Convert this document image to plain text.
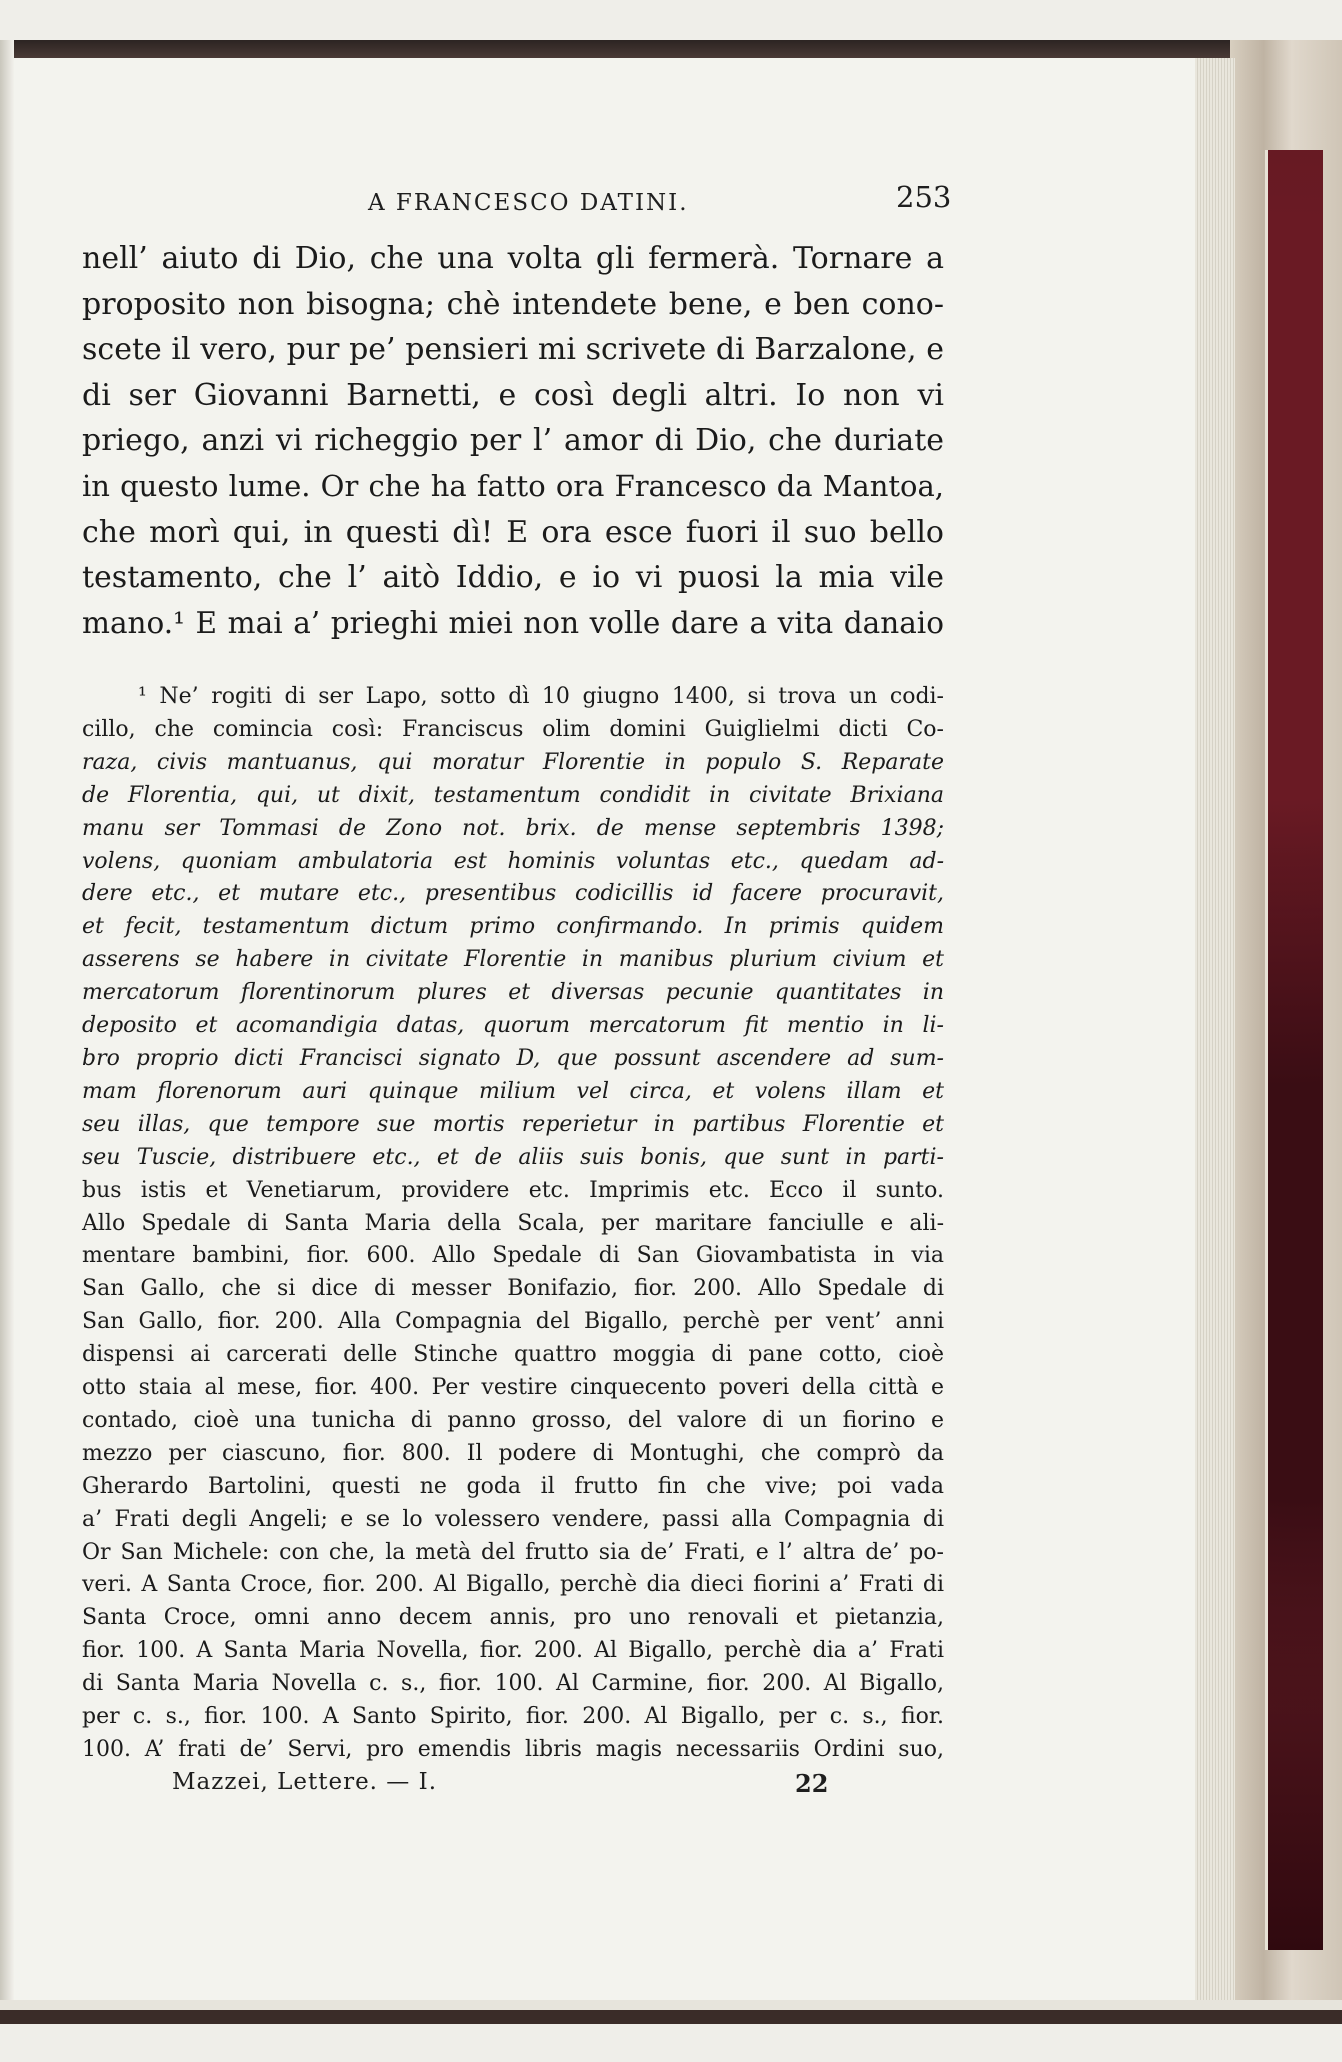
A FRANCESCO DATINI.	253
nell’ aiuto di Dio, che una volta gli fermerà. Tornare a
proposito non bisogna; chè intendete bene, e ben cono-
scete il vero, pur pe’ pensieri mi scrivete di Barzalone, e
di ser Giovanni Barnetti, e così degli altri. Io non vi
priego, anzi vi richeggio per l’ amor di Dio, che duriate
in questo lume. Or che ha fatto ora Francesco da Mantoa,
che morì qui, in questi dì! E ora esce fuori il suo bello
testamento, che l’ aitò Iddio, e io vi puosi la mia vile
mano.¹ E mai a’ prieghi miei non volle dare a vita danaio
¹ Ne’ rogiti di ser Lapo, sotto dì 10 giugno 1400, si trova un codi-
cillo, che comincia così: Franciscus olim domini Guiglielmi dicti Co-
raza, civis mantuanus, qui moratur Florentie in populo S. Reparate
de Florentia, qui, ut dixit, testamentum condidit in civitate Brixiana
manu ser Tommasi de Zono not. brix. de mense septembris 1398;
volens, quoniam ambulatoria est hominis voluntas etc., quedam ad-
dere etc., et mutare etc., presentibus codicillis id facere procuravit,
et fecit, testamentum dictum primo confirmando. In primis quidem
asserens se habere in civitate Florentie in manibus plurium civium et
mercatorum florentinorum plures et diversas pecunie quantitates in
deposito et acomandigia datas, quorum mercatorum fit mentio in li-
bro proprio dicti Francisci signato D, que possunt ascendere ad sum-
mam florenorum auri quinque milium vel circa, et volens illam et
seu illas, que tempore sue mortis reperietur in partibus Florentie et
seu Tuscie, distribuere etc., et de aliis suis bonis, que sunt in parti-
bus istis et Venetiarum, providere etc. Imprimis etc. Ecco il sunto.
Allo Spedale di Santa Maria della Scala, per maritare fanciulle e ali-
mentare bambini, fior. 600. Allo Spedale di San Giovambatista in via
San Gallo, che si dice di messer Bonifazio, fior. 200. Allo Spedale di
San Gallo, fior. 200. Alla Compagnia del Bigallo, perchè per vent’ anni
dispensi ai carcerati delle Stinche quattro moggia di pane cotto, cioè
otto staia al mese, fior. 400. Per vestire cinquecento poveri della città e
contado, cioè una tunicha di panno grosso, del valore di un fiorino e
mezzo per ciascuno, fior. 800. Il podere di Montughi, che comprò da
Gherardo Bartolini, questi ne goda il frutto fin che vive; poi vada
a’ Frati degli Angeli; e se lo volessero vendere, passi alla Compagnia di
Or San Michele: con che, la metà del frutto sia de’ Frati, e l’ altra de’ po-
veri. A Santa Croce, fior. 200. Al Bigallo, perchè dia dieci fiorini a’ Frati di
Santa Croce, omni anno decem annis, pro uno renovali et pietanzia,
fior. 100. A Santa Maria Novella, fior. 200. Al Bigallo, perchè dia a’ Frati
di Santa Maria Novella c. s., fior. 100. Al Carmine, fior. 200. Al Bigallo,
per c. s., fior. 100. A Santo Spirito, fior. 200. Al Bigallo, per c. s., fior.
100. A’ frati de’ Servi, pro emendis libris magis necessariis Ordini suo,
Mazzei, Lettere. — I.	22
